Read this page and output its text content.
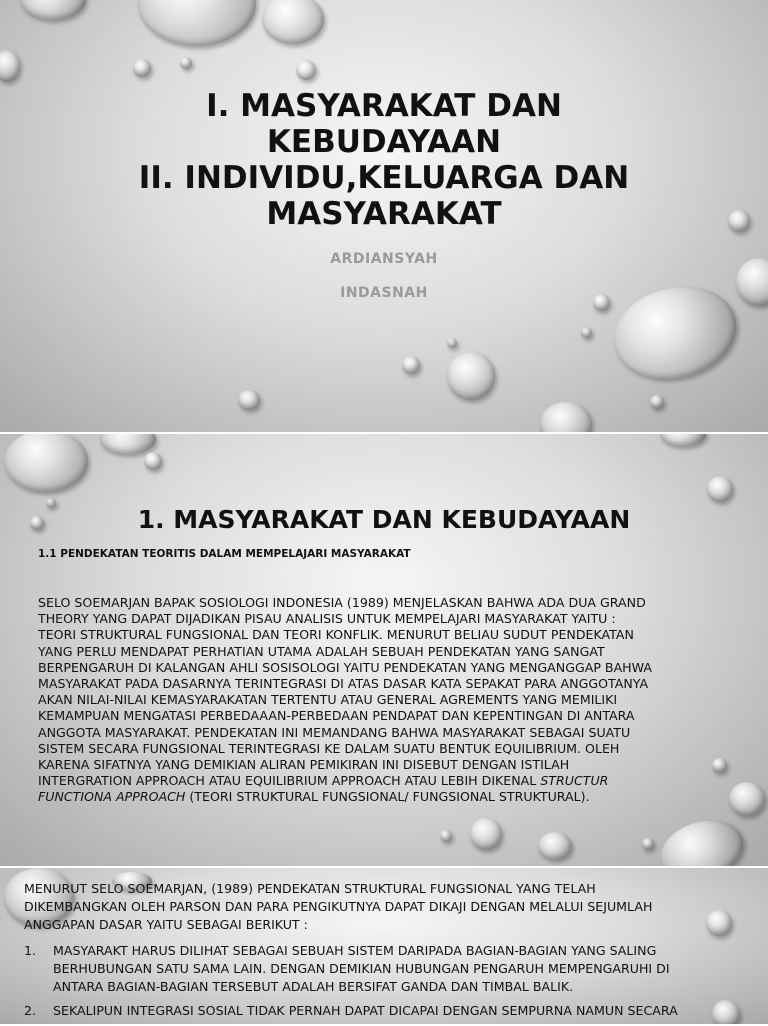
I. MASYARAKAT DAN
KEBUDAYAAN
II. INDIVIDU,KELUARGA DAN
MASYARAKAT
ARDIANSYAH
INDASNAH
1. MASYARAKAT DAN KEBUDAYAAN

1.1 PENDEKATAN TEORITIS DALAM MEMPELAJARI MASYARAKAT

SELO SOEMARJAN BAPAK SOSIOLOGI INDONESIA (1989) MENJELASKAN BAHWA ADA DUA GRAND
THEORY YANG DAPAT DIJADIKAN PISAU ANALISIS UNTUK MEMPELAJARI MASYARAKAT YAITU :
TEORI STRUKTURAL FUNGSIONAL DAN TEORI KONFLIK. MENURUT BELIAU SUDUT PENDEKATAN
YANG PERLU MENDAPAT PERHATIAN UTAMA ADALAH SEBUAH PENDEKATAN YANG SANGAT
BERPENGARUH DI KALANGAN AHLI SOSISOLOGI YAITU PENDEKATAN YANG MENGANGGAP BAHWA
MASYARAKAT PADA DASARNYA TERINTEGRASI DI ATAS DASAR KATA SEPAKAT PARA ANGGOTANYA
AKAN NILAI-NILAI KEMASYARAKATAN TERTENTU ATAU GENERAL AGREMENTS YANG MEMILIKI
KEMAMPUAN MENGATASI PERBEDAAAN-PERBEDAAN PENDAPAT DAN KEPENTINGAN DI ANTARA
ANGGOTA MASYARAKAT. PENDEKATAN INI MEMANDANG BAHWA MASYARAKAT SEBAGAI SUATU
SISTEM SECARA FUNGSIONAL TERINTEGRASI KE DALAM SUATU BENTUK EQUILIBRIUM. OLEH
KARENA SIFATNYA YANG DEMIKIAN ALIRAN PEMIKIRAN INI DISEBUT DENGAN ISTILAH
INTERGRATION APPROACH ATAU EQUILIBRIUM APPROACH ATAU LEBIH DIKENAL STRUCTUR
FUNCTIONA APPROACH (TEORI STRUKTURAL FUNGSIONAL/ FUNGSIONAL STRUKTURAL).

MENURUT SELO SOEMARJAN, (1989) PENDEKATAN STRUKTURAL FUNGSIONAL YANG TELAH
DIKEMBANGKAN OLEH PARSON DAN PARA PENGIKUTNYA DAPAT DIKAJI DENGAN MELALUI SEJUMLAH
ANGGAPAN DASAR YAITU SEBAGAI BERIKUT :

1. MASYARAKT HARUS DILIHAT SEBAGAI SEBUAH SISTEM DARIPADA BAGIAN-BAGIAN YANG SALING
BERHUBUNGAN SATU SAMA LAIN. DENGAN DEMIKIAN HUBUNGAN PENGARUH MEMPENGARUHI DI
ANTARA BAGIAN-BAGIAN TERSEBUT ADALAH BERSIFAT GANDA DAN TIMBAL BALIK.
2. SEKALIPUN INTEGRASI SOSIAL TIDAK PERNAH DAPAT DICAPAI DENGAN SEMPURNA NAMUN SECARA
